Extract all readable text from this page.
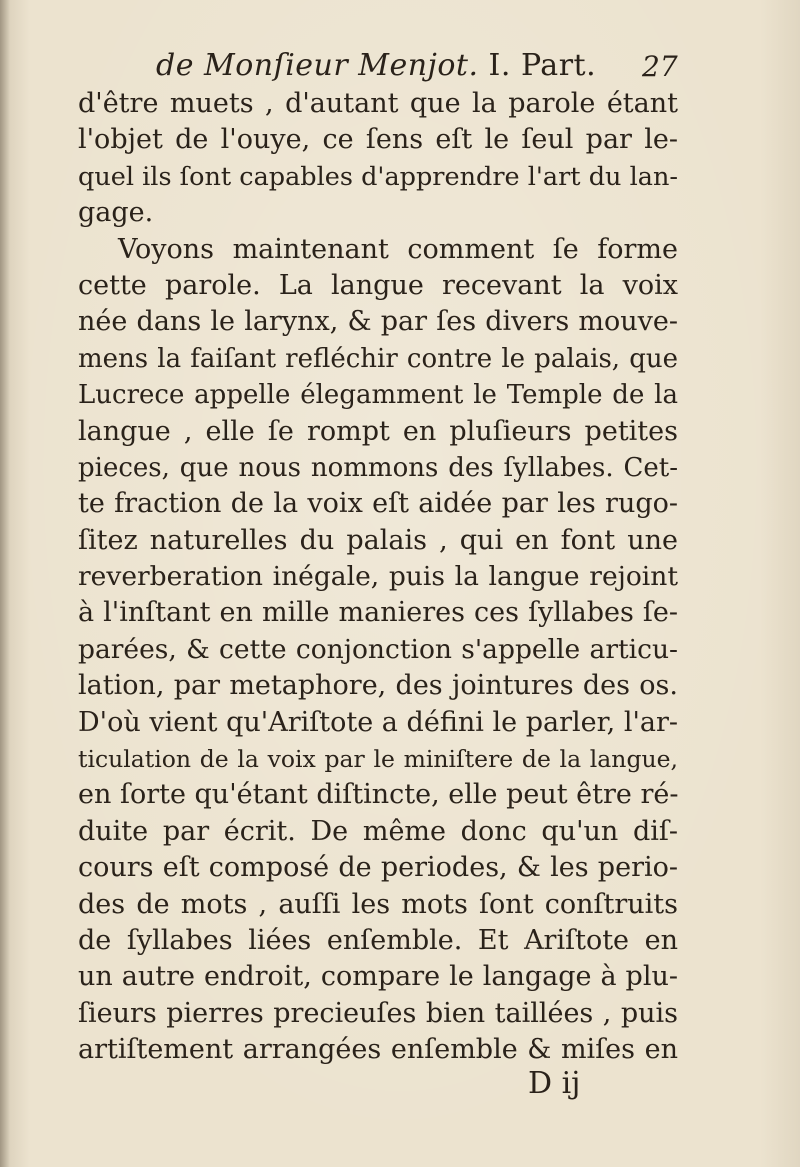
de Monſieur Menjot. I. Part. 27
d'être muets , d'autant que la parole étant
l'objet de l'ouye, ce ſens eſt le ſeul par le-
quel ils ſont capables d'apprendre l'art du lan-
gage.
Voyons maintenant comment ſe forme
cette parole. La langue recevant la voix
née dans le larynx, & par ſes divers mouve-
mens la faiſant refléchir contre le palais, que
Lucrece appelle élegamment le Temple de la
langue , elle ſe rompt en pluſieurs petites
pieces, que nous nommons des ſyllabes. Cet-
te fraction de la voix eſt aidée par les rugo-
ſitez naturelles du palais , qui en font une
reverberation inégale, puis la langue rejoint
à l'inſtant en mille manieres ces ſyllabes ſe-
parées, & cette conjonction s'appelle articu-
lation, par metaphore, des jointures des os.
D'où vient qu'Ariſtote a défini le parler, l'ar-
ticulation de la voix par le miniſtere de la langue,
en ſorte qu'étant diſtincte, elle peut être ré-
duite par écrit. De même donc qu'un diſ-
cours eſt composé de periodes, & les perio-
des de mots , auſſi les mots ſont conſtruits
de ſyllabes liées enſemble. Et Ariſtote en
un autre endroit, compare le langage à plu-
ſieurs pierres precieuſes bien taillées , puis
artiſtement arrangées enſemble & miſes en
D ij
